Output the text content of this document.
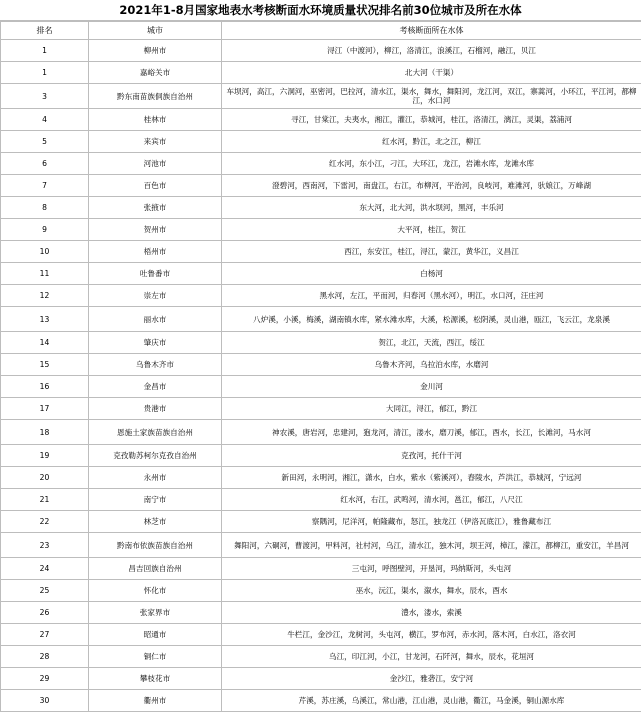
2021年1-8月国家地表水考核断面水环境质量状况排名前30位城市及所在水体
排名	城市	考核断面所在水体
1	柳州市	浔江（中渡河），柳江，洛清江，浪溪江，石榴河，融江，贝江
1	嘉峪关市	北大河（干渠）
3	黔东南苗族侗族自治州	车坝河，高江，六洞河，巫密河，巴拉河，清水江，渠水，舞水，舞阳河，龙江河，双江，寨蒿河，小环江，平江河，都柳江，水口河
4	桂林市	寻江，甘棠江，夫夷水，湘江，灌江，恭城河，桂江，洛清江，漓江，灵渠，荔浦河
5	来宾市	红水河，黔江，北之江，柳江
6	河池市	红水河，东小江，刁江，大环江，龙江，岩滩水库，龙滩水库
7	百色市	澄碧河，西南河，下雷河，南盘江，右江，布柳河，平治河，良岐河，难滩河，驮娘江，万峰湖
8	张掖市	东大河，北大河，洪水坝河，黑河，丰乐河
9	贺州市	大平河，桂江，贺江
10	梧州市	西江，东安江，桂江，浔江，蒙江，黄华江，义昌江
11	吐鲁番市	白杨河
12	崇左市	黑水河，左江，平而河，归春河（黑水河），明江，水口河，汪庄河
13	丽水市	八炉溪，小溪，梅溪，湖南镇水库，紧水滩水库，大溪，松源溪，松阴溪，灵山港，瓯江，飞云江，龙泉溪
14	肇庆市	贺江，北江，天流，西江，绥江
15	乌鲁木齐市	乌鲁木齐河，乌拉泊水库，水磨河
16	金昌市	金川河
17	贵港市	大同江，浔江，郁江，黔江
18	恩施土家族苗族自治州	神农溪，唐岩河，忠建河，狍龙河，清江，溇水，磨刀溪，郁江，酉水，长江，长滩河，马水河
19	克孜勒苏柯尔克孜自治州	克孜河，托什干河
20	永州市	新田河，永明河，湘江，潇水，白水，紫水（紫溪河），舂陵水，芦洪江，恭城河，宁远河
21	南宁市	红水河，右江，武鸣河，清水河，邕江，郁江，八尺江
22	林芝市	察隅河，尼洋河，帕隆藏布，怒江，独龙江（伊洛瓦底江），雅鲁藏布江
23	黔南布依族苗族自治州	舞阳河，六硐河，曹渡河，甲料河，社村河，乌江，清水江，独木河，坝王河，樟江，濛江，都柳江，重安江，羊昌河
24	昌吉回族自治州	三屯河，呼图壁河，开垦河，玛纳斯河，头屯河
25	怀化市	巫水，沅江，渠水，溆水，舞水，辰水，酉水
26	张家界市	澧水，溇水，索溪
27	昭通市	牛栏江，金沙江，龙树河，头屯河，横江，罗布河，赤水河，落木河，白水江，洛衣河
28	铜仁市	乌江，印江河，小江，甘龙河，石阡河，舞水，辰水，花垣河
29	攀枝花市	金沙江，雅砻江，安宁河
30	衢州市	芹溪，苏庄溪，乌溪江，常山港，江山港，灵山港，衢江，马金溪，铜山源水库
